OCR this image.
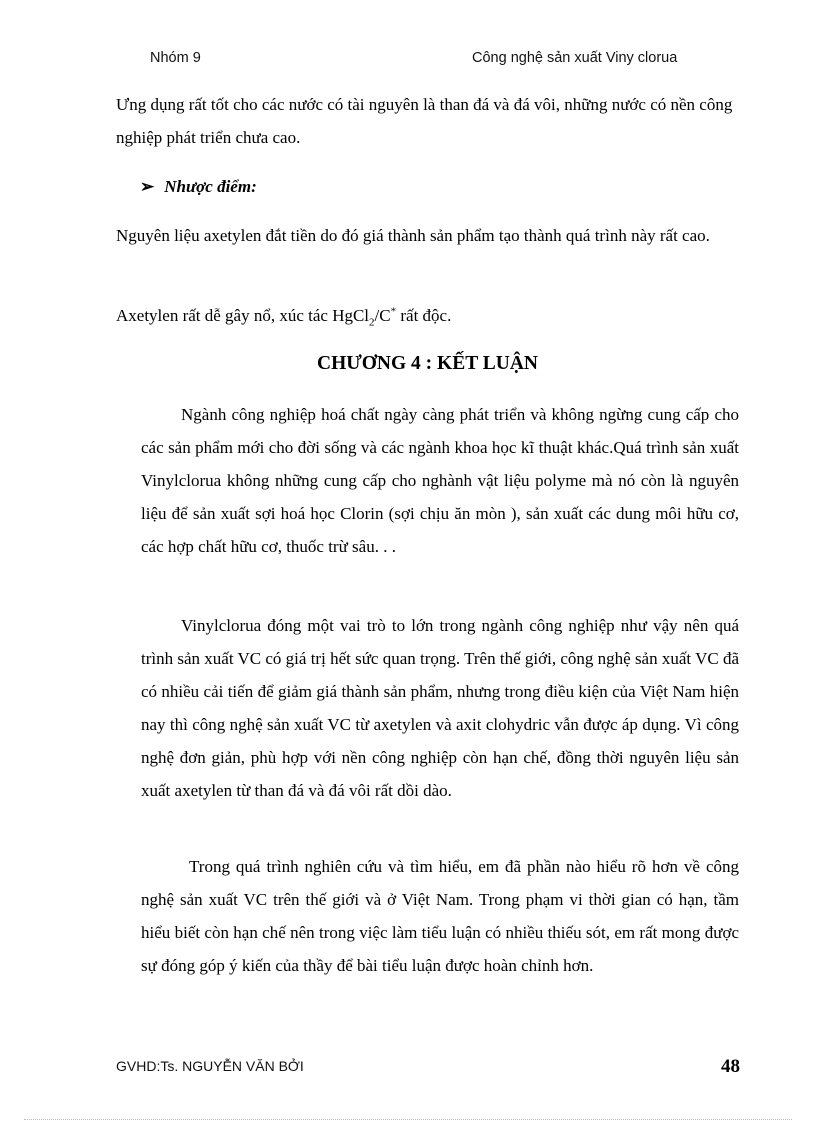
Nhóm 9	Công nghệ sản xuất Viny clorua

Ưng dụng rất tốt cho các nước có tài nguyên là than đá và đá vôi, những nước có nền công nghiệp phát triển chưa cao.

➢ Nhược điểm:

Nguyên liệu axetylen đắt tiền do đó giá thành sản phẩm tạo thành quá trình này rất cao.

Axetylen rất dễ gây nổ, xúc tác HgCl$_2$/C* rất độc.

CHƯƠNG 4 : KẾT LUẬN

Ngành công nghiệp hoá chất ngày càng phát triển và không ngừng cung cấp cho các sản phẩm mới cho đời sống và các ngành khoa học kĩ thuật khác.Quá trình sản xuất Vinylclorua không những cung cấp cho nghành vật liệu polyme mà nó còn là nguyên liệu để sản xuất sợi hoá học Clorin (sợi chịu ăn mòn ), sản xuất các dung môi hữu cơ, các hợp chất hữu cơ, thuốc trừ sâu. . .

Vinylclorua đóng một vai trò to lớn trong ngành công nghiệp như vậy nên quá trình sản xuất VC có giá trị hết sức quan trọng. Trên thế giới, công nghệ sản xuất VC đã có nhiều cải tiến để giảm giá thành sản phẩm, nhưng trong điều kiện của Việt Nam hiện nay thì công nghệ sản xuất VC từ axetylen và axit clohydric vẫn được áp dụng. Vì công nghệ đơn giản, phù hợp với nền công nghiệp còn hạn chế, đồng thời nguyên liệu sản xuất axetylen từ than đá và đá vôi rất dồi dào.

Trong quá trình nghiên cứu và tìm hiểu, em đã phần nào hiểu rõ hơn về công nghệ sản xuất VC trên thế giới và ở Việt Nam. Trong phạm vi thời gian có hạn, tầm hiểu biết còn hạn chế nên trong việc làm tiểu luận có nhiều thiếu sót, em rất mong được sự đóng góp ý kiến của thầy để bài tiểu luận được hoàn chỉnh hơn.

GVHD:Ts. NGUYỄN VĂN BỞI	48
